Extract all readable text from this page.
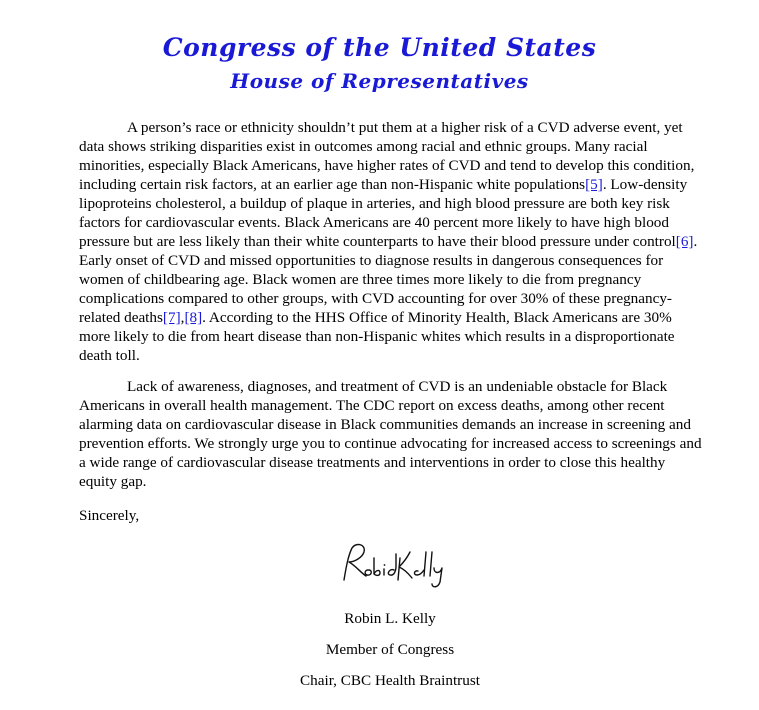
Congress of the United States
House of Representatives

A person’s race or ethnicity shouldn’t put them at a higher risk of a CVD adverse event, yet data shows striking disparities exist in outcomes among racial and ethnic groups. Many racial minorities, especially Black Americans, have higher rates of CVD and tend to develop this condition, including certain risk factors, at an earlier age than non-Hispanic white populations[5]. Low-density lipoproteins cholesterol, a buildup of plaque in arteries, and high blood pressure are both key risk factors for cardiovascular events. Black Americans are 40 percent more likely to have high blood pressure but are less likely than their white counterparts to have their blood pressure under control[6]. Early onset of CVD and missed opportunities to diagnose results in dangerous consequences for women of childbearing age. Black women are three times more likely to die from pregnancy complications compared to other groups, with CVD accounting for over 30% of these pregnancy-related deaths[7],[8]. According to the HHS Office of Minority Health, Black Americans are 30% more likely to die from heart disease than non-Hispanic whites which results in a disproportionate death toll.

Lack of awareness, diagnoses, and treatment of CVD is an undeniable obstacle for Black Americans in overall health management. The CDC report on excess deaths, among other recent alarming data on cardiovascular disease in Black communities demands an increase in screening and prevention efforts. We strongly urge you to continue advocating for increased access to screenings and a wide range of cardiovascular disease treatments and interventions in order to close this healthy equity gap.

Sincerely,
Robin L. Kelly
Member of Congress
Chair, CBC Health Braintrust
